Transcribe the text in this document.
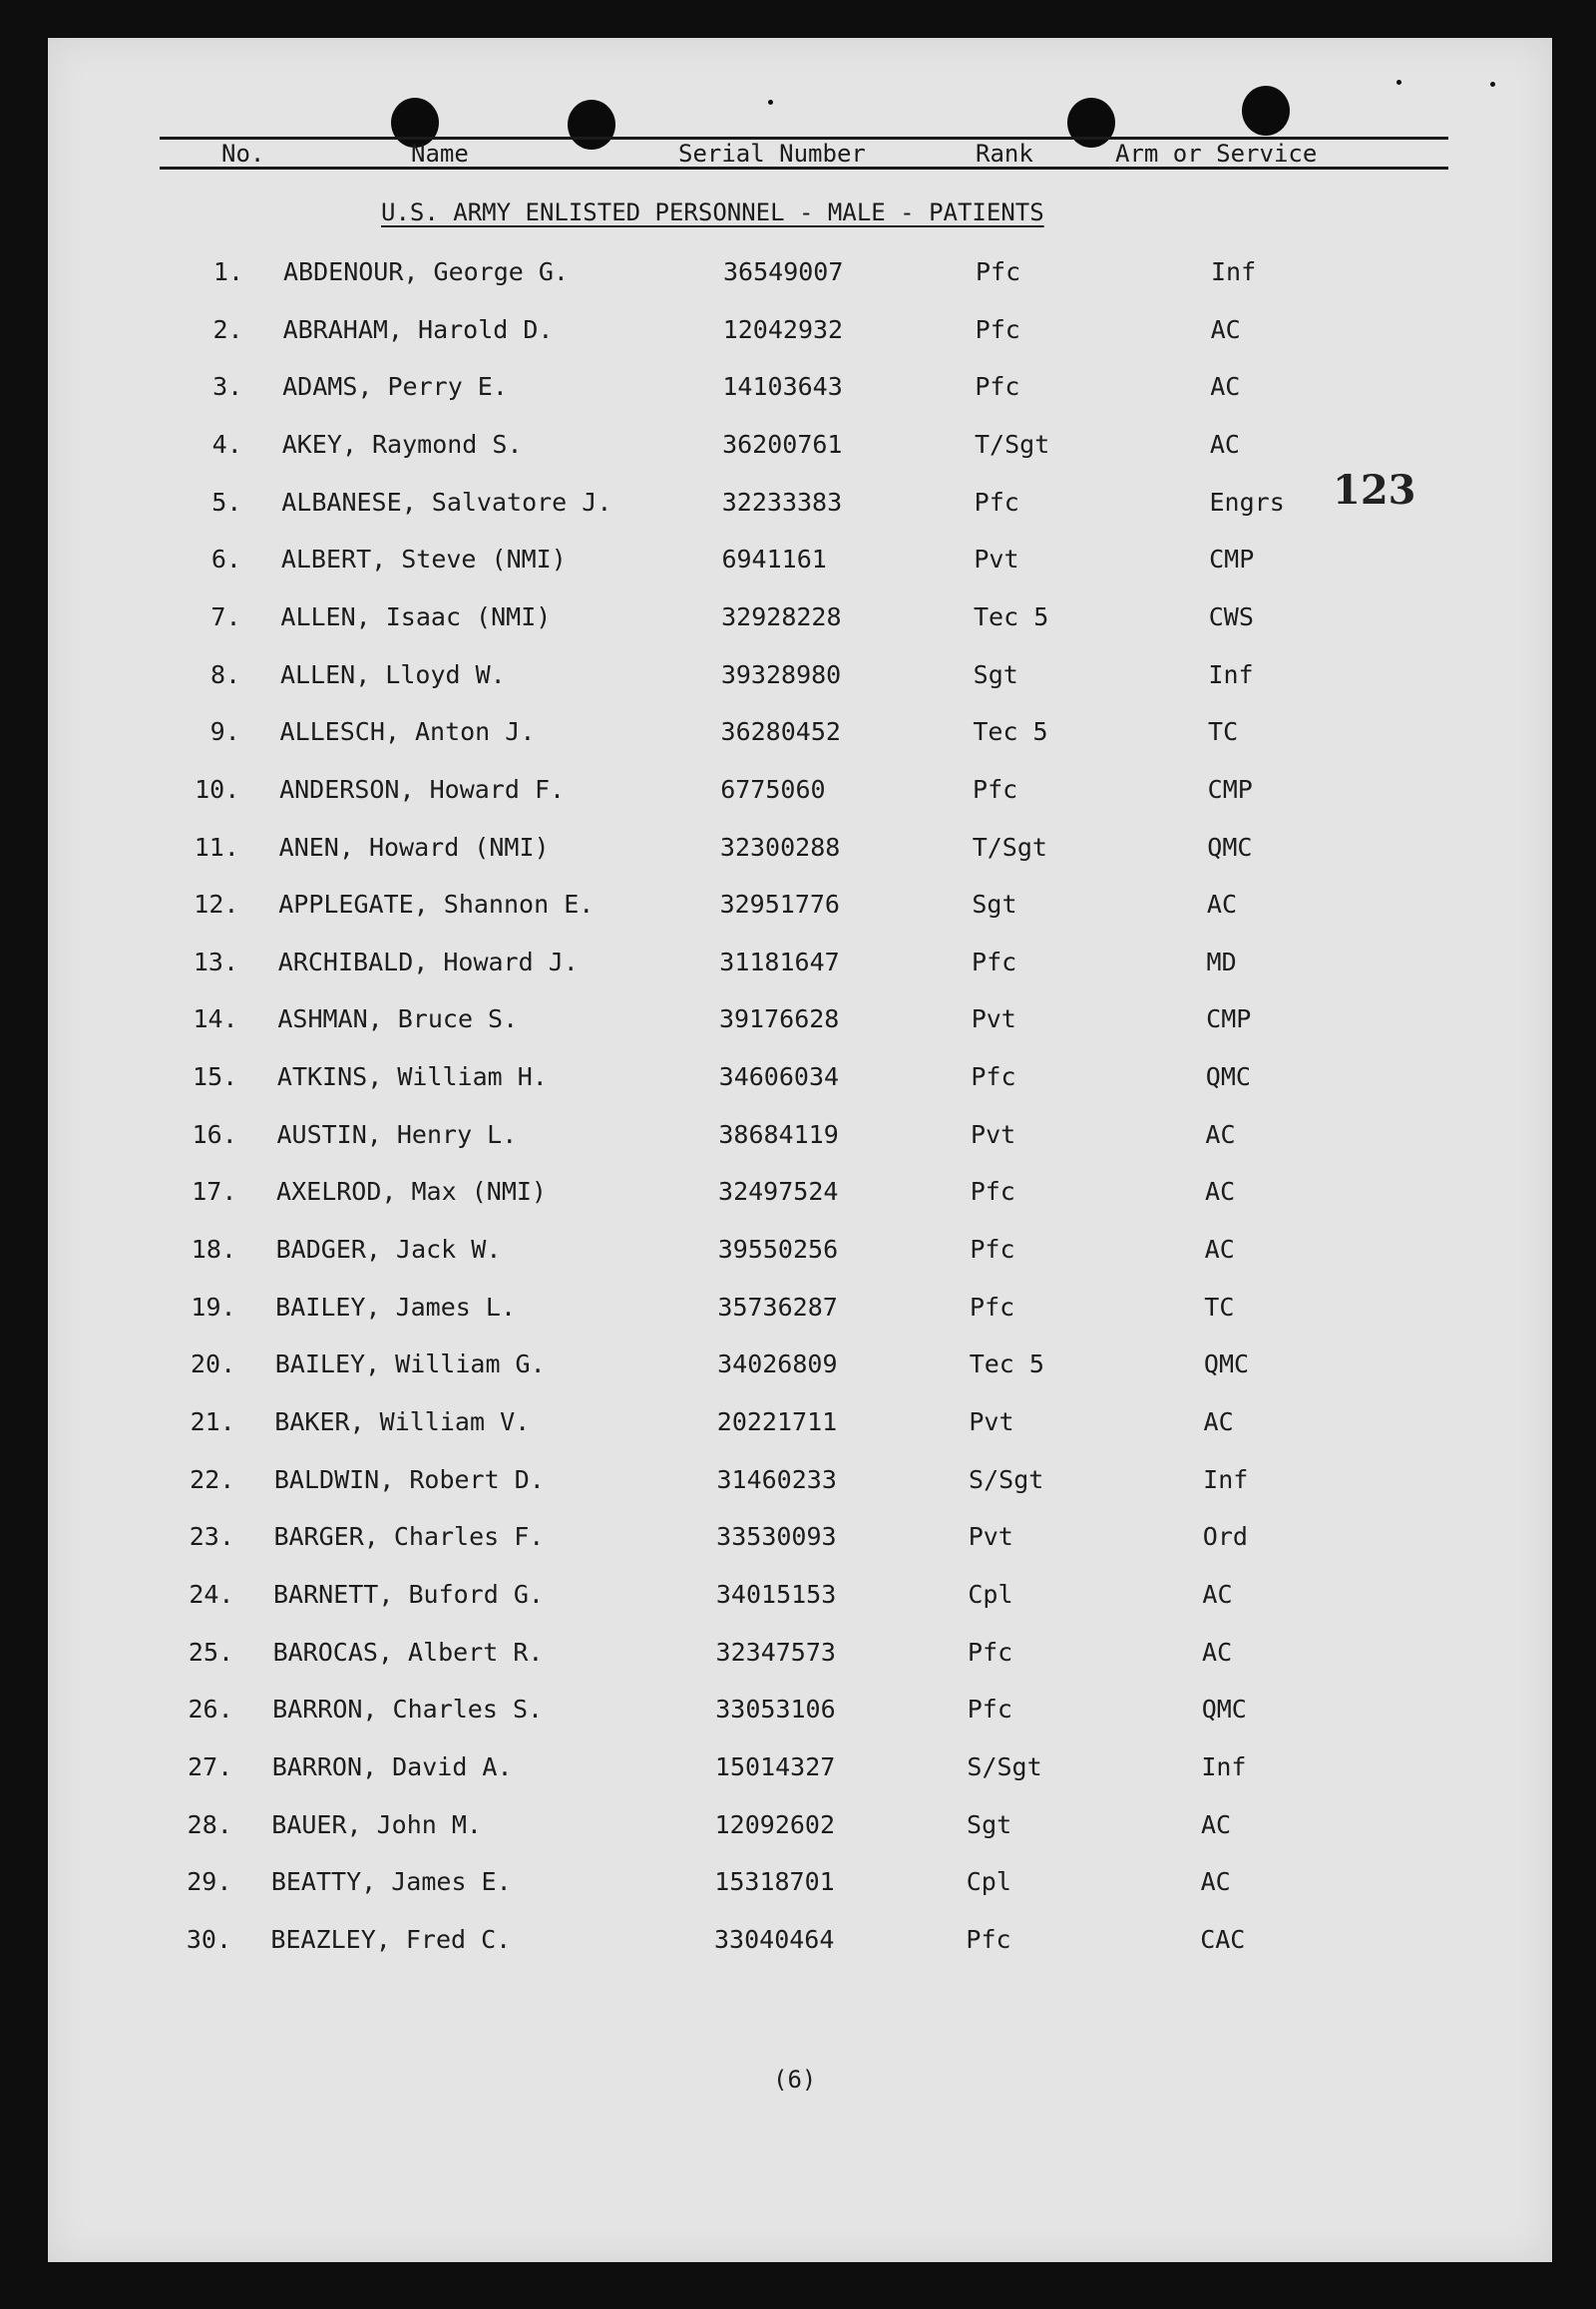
No.	Name	Serial Number	Rank	Arm or Service
U.S. ARMY ENLISTED PERSONNEL - MALE - PATIENTS
1. ABDENOUR, George G.	36549007	Pfc	Inf
2. ABRAHAM, Harold D.	12042932	Pfc	AC
3. ADAMS, Perry E.	14103643	Pfc	AC
4. AKEY, Raymond S.	36200761	T/Sgt	AC
5. ALBANESE, Salvatore J.	32233383	Pfc	Engrs
6. ALBERT, Steve (NMI)	6941161	Pvt	CMP
7. ALLEN, Isaac (NMI)	32928228	Tec 5	CWS
8. ALLEN, Lloyd W.	39328980	Sgt	Inf
9. ALLESCH, Anton J.	36280452	Tec 5	TC
10. ANDERSON, Howard F.	6775060	Pfc	CMP
11. ANEN, Howard (NMI)	32300288	T/Sgt	QMC
12. APPLEGATE, Shannon E.	32951776	Sgt	AC
13. ARCHIBALD, Howard J.	31181647	Pfc	MD
14. ASHMAN, Bruce S.	39176628	Pvt	CMP
15. ATKINS, William H.	34606034	Pfc	QMC
16. AUSTIN, Henry L.	38684119	Pvt	AC
17. AXELROD, Max (NMI)	32497524	Pfc	AC
18. BADGER, Jack W.	39550256	Pfc	AC
19. BAILEY, James L.	35736287	Pfc	TC
20. BAILEY, William G.	34026809	Tec 5	QMC
21. BAKER, William V.	20221711	Pvt	AC
22. BALDWIN, Robert D.	31460233	S/Sgt	Inf
23. BARGER, Charles F.	33530093	Pvt	Ord
24. BARNETT, Buford G.	34015153	Cpl	AC
25. BAROCAS, Albert R.	32347573	Pfc	AC
26. BARRON, Charles S.	33053106	Pfc	QMC
27. BARRON, David A.	15014327	S/Sgt	Inf
28. BAUER, John M.	12092602	Sgt	AC
29. BEATTY, James E.	15318701	Cpl	AC
30. BEAZLEY, Fred C.	33040464	Pfc	CAC
123
(6)
